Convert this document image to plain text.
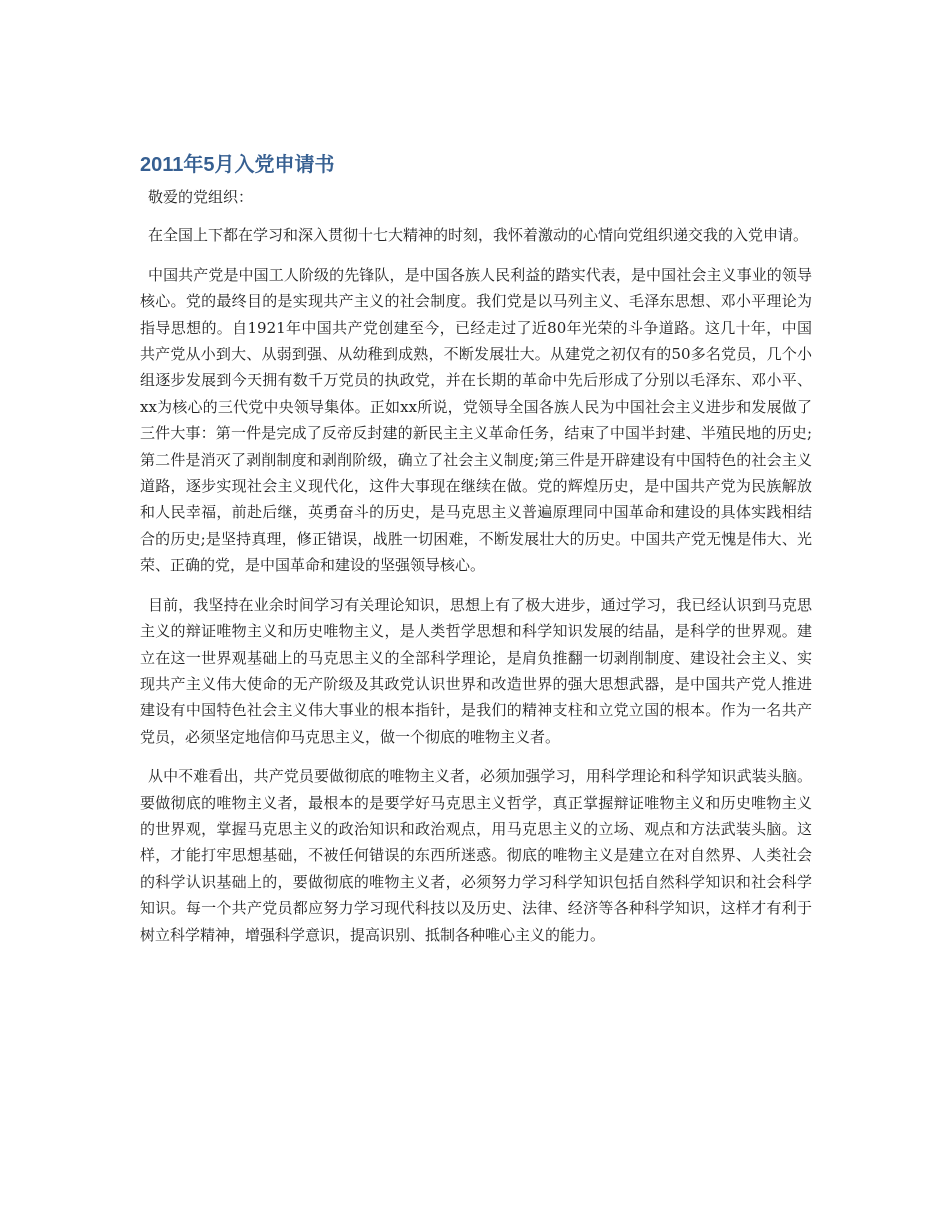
2011年5月入党申请书

敬爱的党组织：

在全国上下都在学习和深入贯彻十七大精神的时刻，我怀着激动的心情向党组织递交我的入党申请。

中国共产党是中国工人阶级的先锋队，是中国各族人民利益的踏实代表，是中国社会主义事业的领导核心。党的最终目的是实现共产主义的社会制度。我们党是以马列主义、毛泽东思想、邓小平理论为指导思想的。自1921年中国共产党创建至今，已经走过了近80年光荣的斗争道路。这几十年，中国共产党从小到大、从弱到强、从幼稚到成熟，不断发展壮大。从建党之初仅有的50多名党员，几个小组逐步发展到今天拥有数千万党员的执政党，并在长期的革命中先后形成了分别以毛泽东、邓小平、xx为核心的三代党中央领导集体。正如xx所说，党领导全国各族人民为中国社会主义进步和发展做了三件大事：第一件是完成了反帝反封建的新民主主义革命任务，结束了中国半封建、半殖民地的历史;第二件是消灭了剥削制度和剥削阶级，确立了社会主义制度;第三件是开辟建设有中国特色的社会主义道路，逐步实现社会主义现代化，这件大事现在继续在做。党的辉煌历史，是中国共产党为民族解放和人民幸福，前赴后继，英勇奋斗的历史，是马克思主义普遍原理同中国革命和建设的具体实践相结合的历史;是坚持真理，修正错误，战胜一切困难，不断发展壮大的历史。中国共产党无愧是伟大、光荣、正确的党，是中国革命和建设的坚强领导核心。

目前，我坚持在业余时间学习有关理论知识，思想上有了极大进步，通过学习，我已经认识到马克思主义的辩证唯物主义和历史唯物主义，是人类哲学思想和科学知识发展的结晶，是科学的世界观。建立在这一世界观基础上的马克思主义的全部科学理论，是肩负推翻一切剥削制度、建设社会主义、实现共产主义伟大使命的无产阶级及其政党认识世界和改造世界的强大思想武器，是中国共产党人推进建设有中国特色社会主义伟大事业的根本指针，是我们的精神支柱和立党立国的根本。作为一名共产党员，必须坚定地信仰马克思主义，做一个彻底的唯物主义者。

从中不难看出，共产党员要做彻底的唯物主义者，必须加强学习，用科学理论和科学知识武装头脑。要做彻底的唯物主义者，最根本的是要学好马克思主义哲学，真正掌握辩证唯物主义和历史唯物主义的世界观，掌握马克思主义的政治知识和政治观点，用马克思主义的立场、观点和方法武装头脑。这样，才能打牢思想基础，不被任何错误的东西所迷惑。彻底的唯物主义是建立在对自然界、人类社会的科学认识基础上的，要做彻底的唯物主义者，必须努力学习科学知识包括自然科学知识和社会科学知识。每一个共产党员都应努力学习现代科技以及历史、法律、经济等各种科学知识，这样才有利于树立科学精神，增强科学意识，提高识别、抵制各种唯心主义的能力。
